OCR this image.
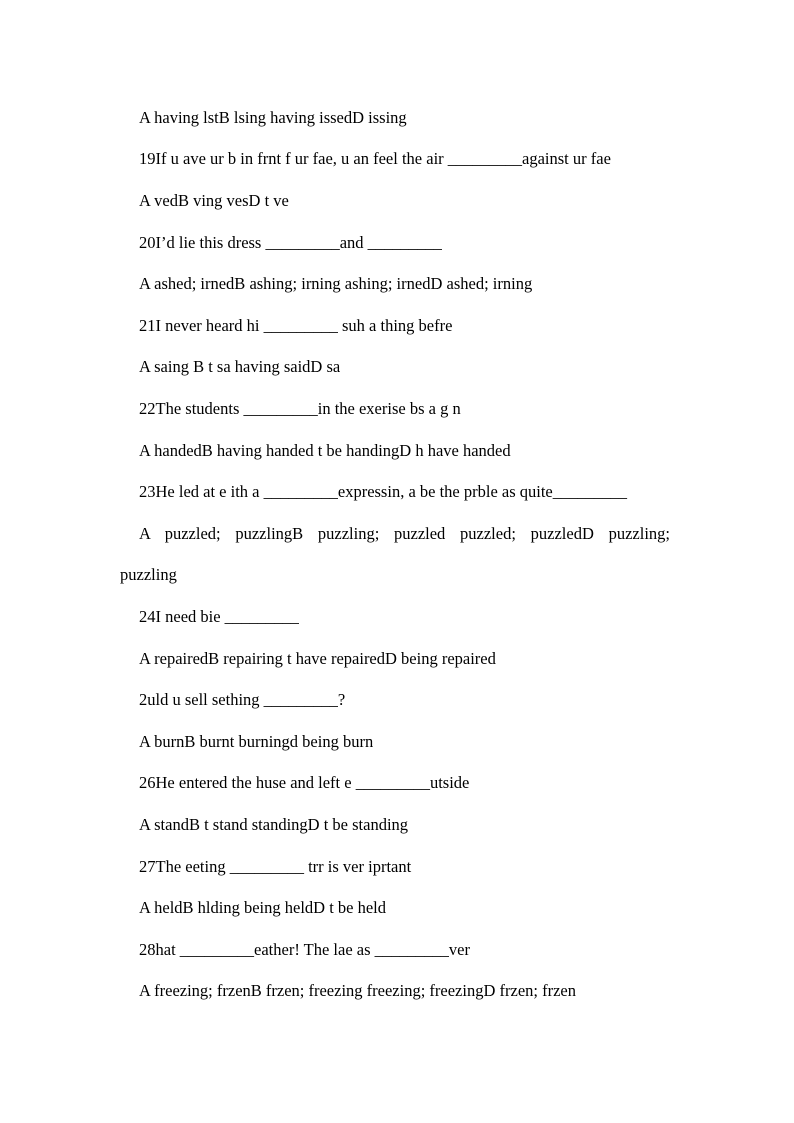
A having lstB lsing having issedD issing
19If u ave ur b in frnt f ur fae, u an feel the air _________against ur fae
A vedB ving vesD t ve
20I’d lie this dress _________and _________
A ashed; irnedB ashing; irning ashing; irnedD ashed; irning
21I never heard hi _________ suh a thing befre
A saing B t sa having saidD sa
22The students _________in the exerise bs a g n
A handedB having handed t be handingD h have handed
23He led at e ith a _________expressin, a be the prble as quite_________
A puzzled; puzzlingB puzzling; puzzled puzzled; puzzledD puzzling;
puzzling
24I need bie _________
A repairedB repairing t have repairedD being repaired
2uld u sell sething _________?
A burnB burnt burningd being burn
26He entered the huse and left e _________utside
A standB t stand standingD t be standing
27The eeting _________ trr is ver iprtant
A heldB hlding being heldD t be held
28hat _________eather! The lae as _________ver
A freezing; frzenB frzen; freezing freezing; freezingD frzen; frzen
